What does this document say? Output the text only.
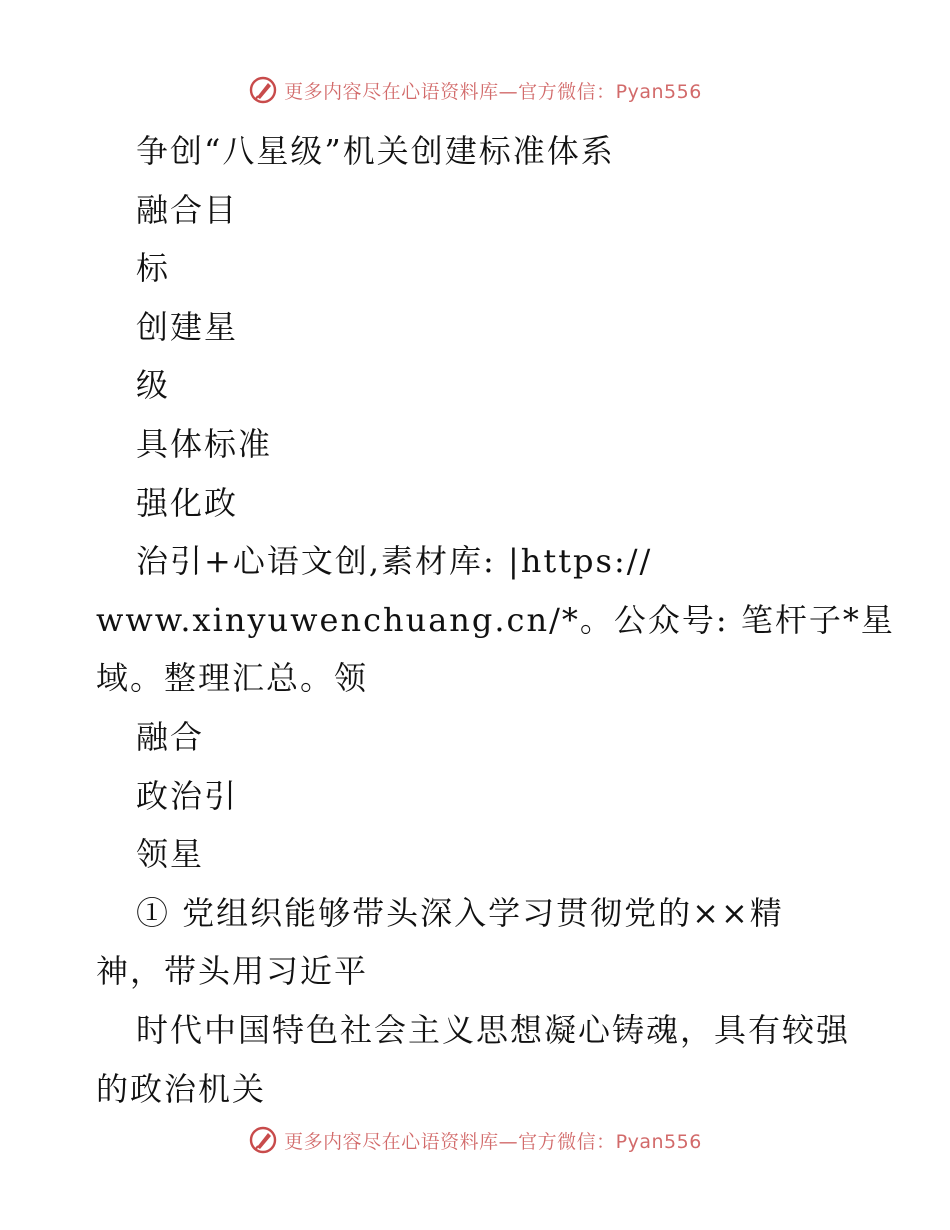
更多内容尽在心语资料库—官方微信：Pyan556
争创“八星级”机关创建标准体系
融合目
标
创建星
级
具体标准
强化政
治引+心语文创,素材库: |https://
www.xinyuwenchuang.cn/*。公众号: 笔杆子*星
域。整理汇总。领
融合
政治引
领星
① 党组织能够带头深入学习贯彻党的××精
神，带头用习近平
时代中国特色社会主义思想凝心铸魂，具有较强
的政治机关
更多内容尽在心语资料库—官方微信：Pyan556
